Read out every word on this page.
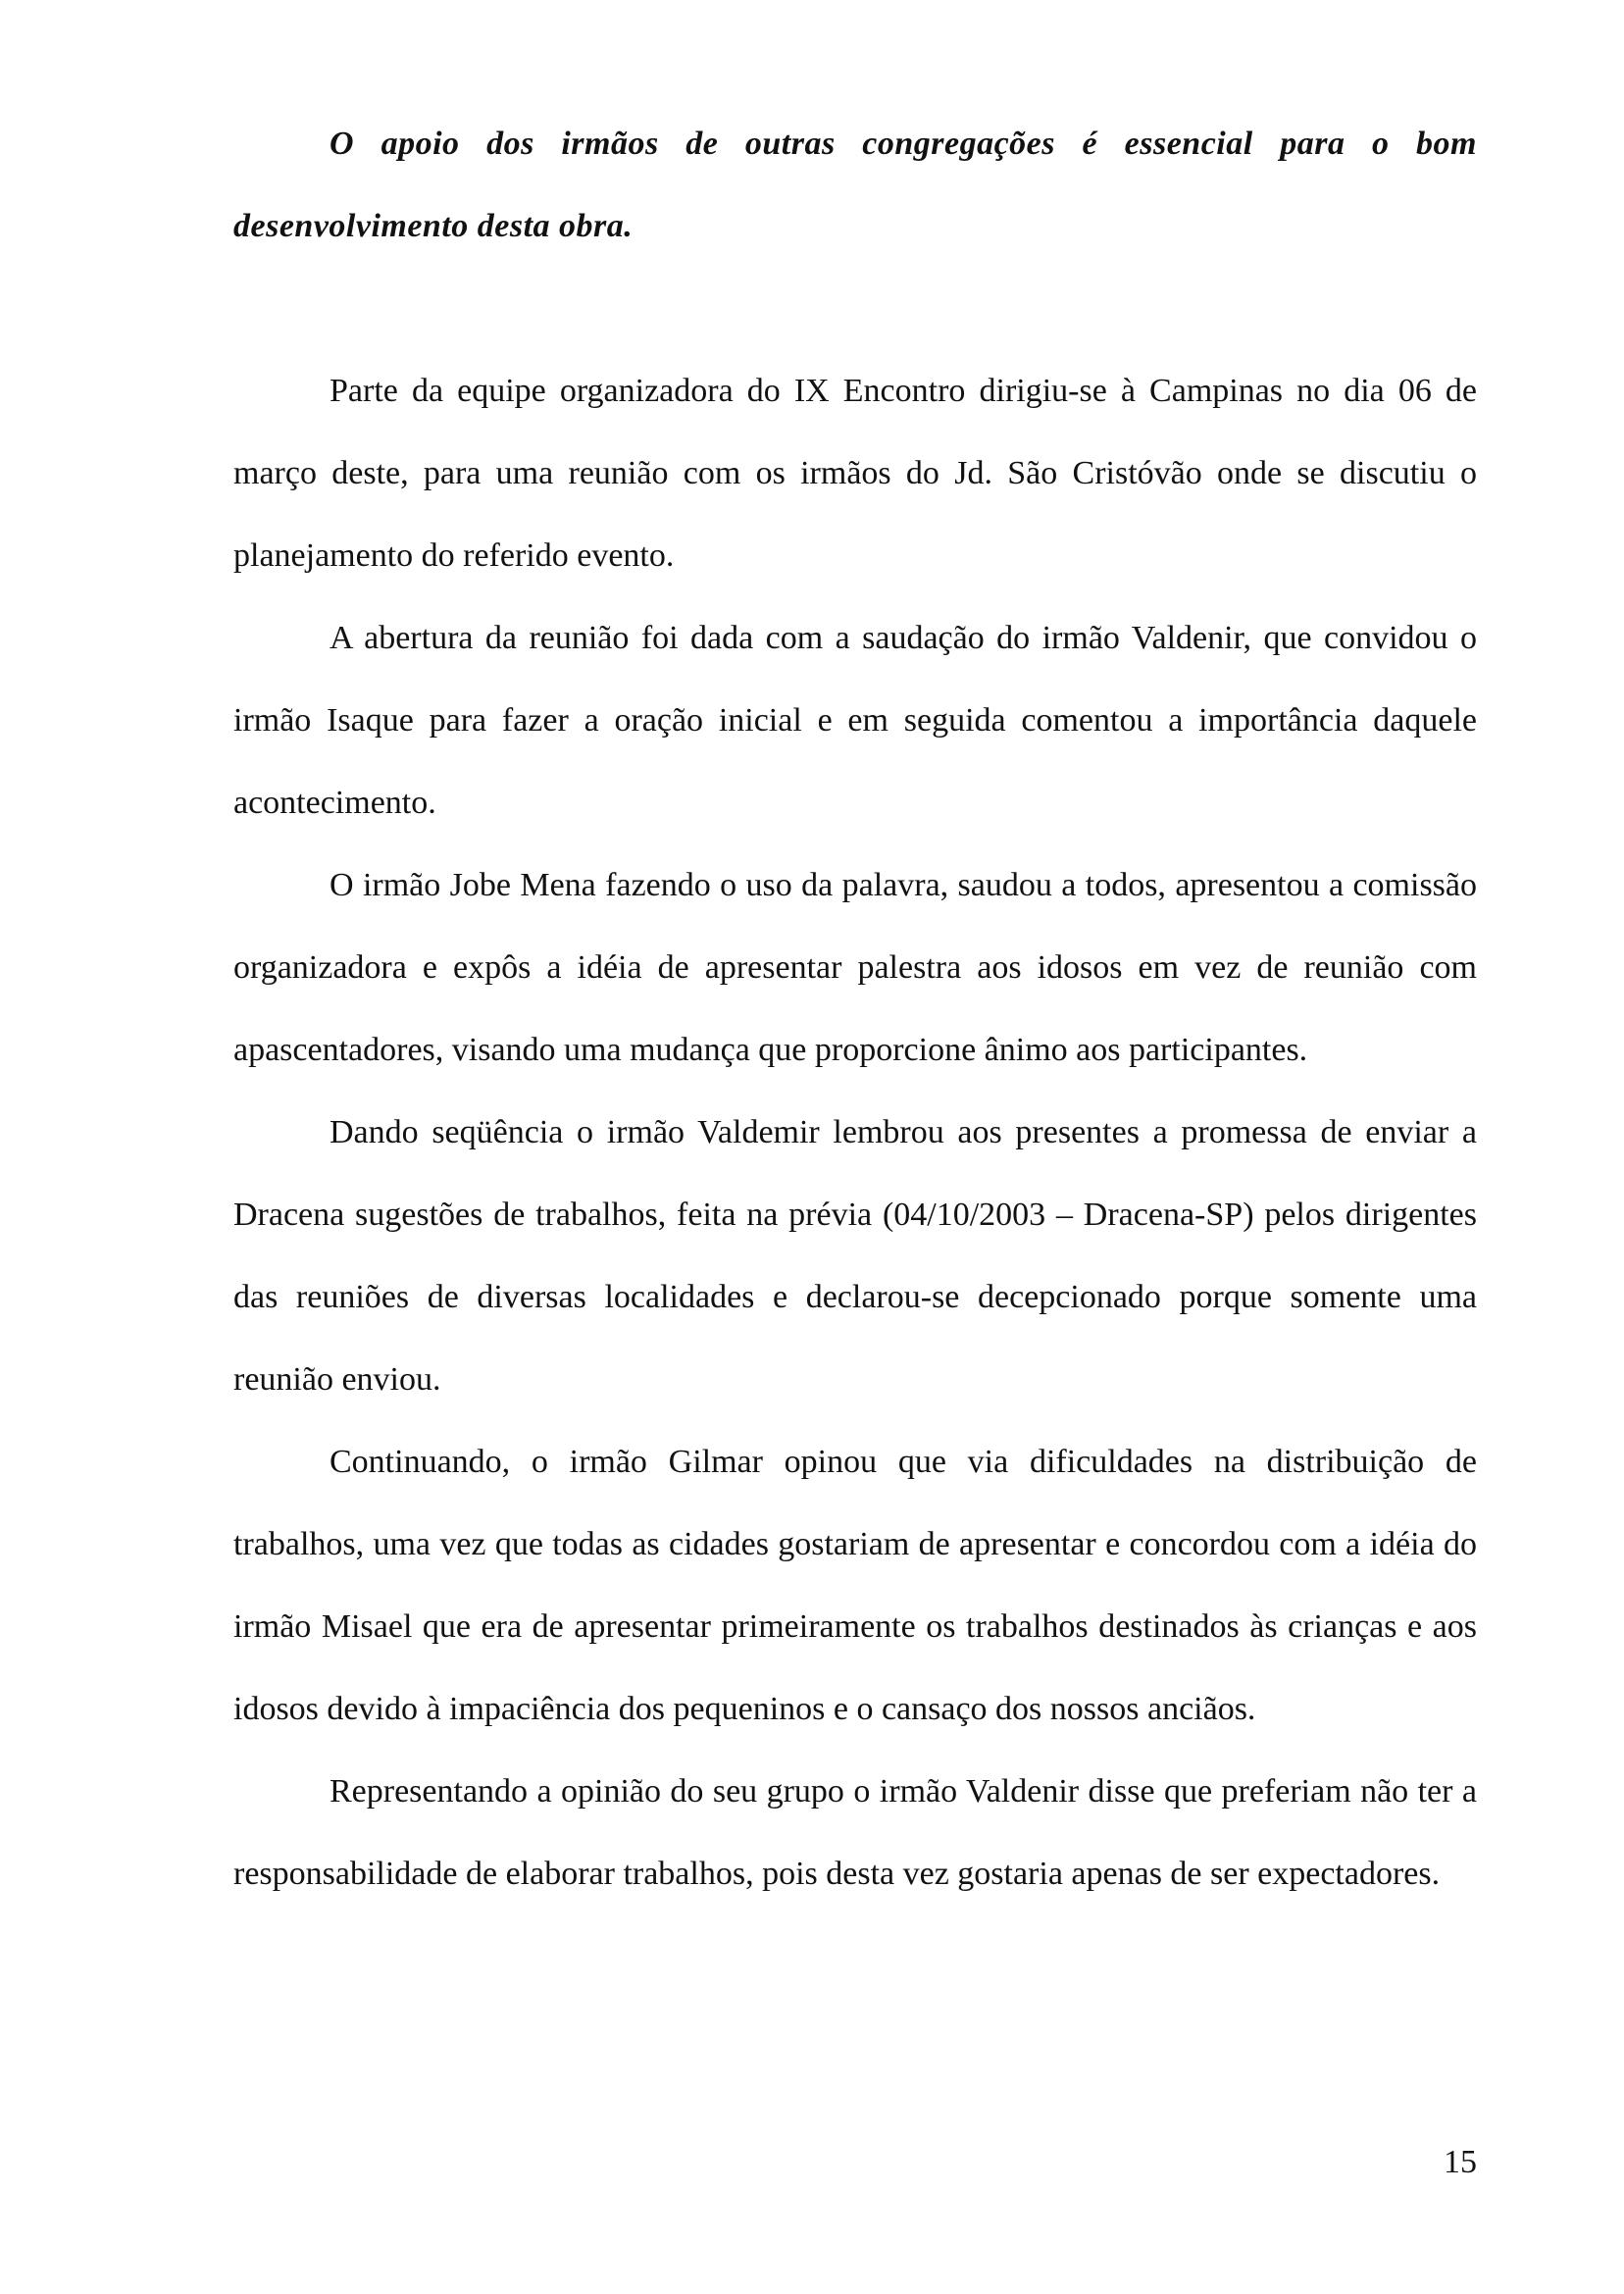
O apoio dos irmãos de outras congregações é essencial para o bom desenvolvimento desta obra.

Parte da equipe organizadora do IX Encontro dirigiu-se à Campinas no dia 06 de março deste, para uma reunião com os irmãos do Jd. São Cristóvão onde se discutiu o planejamento do referido evento.

A abertura da reunião foi dada com a saudação do irmão Valdenir, que convidou o irmão Isaque para fazer a oração inicial e em seguida comentou a importância daquele acontecimento.

O irmão Jobe Mena fazendo o uso da palavra, saudou a todos, apresentou a comissão organizadora e expôs a idéia de apresentar palestra aos idosos em vez de reunião com apascentadores, visando uma mudança que proporcione ânimo aos participantes.

Dando seqüência o irmão Valdemir lembrou aos presentes a promessa de enviar a Dracena sugestões de trabalhos, feita na prévia (04/10/2003 – Dracena-SP) pelos dirigentes das reuniões de diversas localidades e declarou-se decepcionado porque somente uma reunião enviou.

Continuando, o irmão Gilmar opinou que via dificuldades na distribuição de trabalhos, uma vez que todas as cidades gostariam de apresentar e concordou com a idéia do irmão Misael que era de apresentar primeiramente os trabalhos destinados às crianças e aos idosos devido à impaciência dos pequeninos e o cansaço dos nossos anciãos.

Representando a opinião do seu grupo o irmão Valdenir disse que preferiam não ter a responsabilidade de elaborar trabalhos, pois desta vez gostaria apenas de ser expectadores.

15
